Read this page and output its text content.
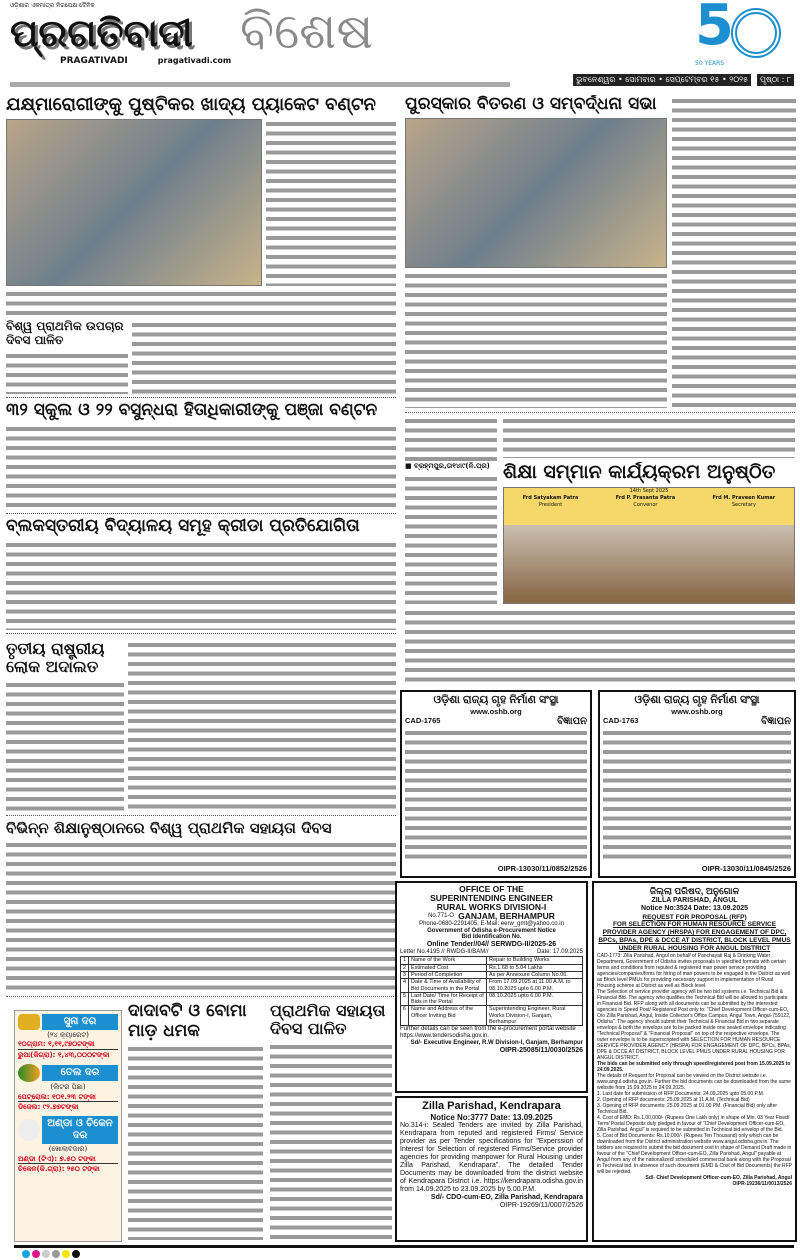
ଓଡ଼ିଶାର ଏକମାତ୍ର ନିରପେକ୍ଷ ଦୈନିକ
ପ୍ରଗତିବାଦୀ
PRAGATIVADI	pragativadi.com
ବିଶେଷ	5
50 YEARS
ଭୁବନେଶ୍ୱର • ସୋମବାର • ସେପ୍ଟେମ୍ବର ୧୫ • ୨୦୨୫	ପୃଷ୍ଠା : ୮
ଯକ୍ଷ୍ମାରୋଗୀଙ୍କୁ ପୁଷ୍ଟିକର ଖାଦ୍ୟ ପ୍ୟାକେଟ ବଣ୍ଟନ
ବିଶ୍ୱ ପ୍ରାଥମିକ ଉପଚାର ଦିବସ ପାଳିତ
ପୁରସ୍କାର ବିତରଣ ଓ ସମ୍ବର୍ଦ୍ଧନା ସଭା
୩୨ ସ୍କୁଲ ଓ ୨୨ ବସୁନ୍ଧରା ହିତାଧିକାରୀଙ୍କୁ ପଞ୍ଜା ବଣ୍ଟନ
ବ୍ଲକସ୍ତରୀୟ ବିଦ୍ୟାଳୟ ସମୂହ କ୍ରୀଡା ପ୍ରତିଯୋଗିତା
■ ବ୍ରହ୍ମପୁର,ତା୧୪ା୯(ନି.ପ୍ର) ଶିକ୍ଷା ସମ୍ମାନ କାର୍ଯ୍ୟକ୍ରମ ଅନୁଷ୍ଠିତ
14th Sept 2025
Frd Satyakam Patra
President
Frd P. Prasanta Patra
Convenor
Frd M. Praveen Kumar
Secretary
ତୃତୀୟ ରାଷ୍ଟ୍ରୀୟ ଲୋକ ଅଦାଲତ
ବିଭିନ୍ନ ଶିକ୍ଷାନୁଷ୍ଠାନରେ ବିଶ୍ୱ ପ୍ରାଥମିକ ସହାୟତା ଦିବସ
ସୁନା ଦର
(୨୪ କ୍ୟାରେଟ)
୧୦ଗ୍ରାମ: ୧,୧୧,୯୭୦ଟଙ୍କା
ରୁପା(କିଗ୍ରା): ୧,୪୩,୦୦୦ଟଙ୍କା
ତେଲ ଦର
(ଲିଟର ପିଛା)
ପେଟ୍ରୋଲ: ୧୦୧.୨୩ ଟଙ୍କା
ଡିଜେଲ: ୯୨.୭୭ଟଙ୍କା
ଅଣ୍ଡା ଓ ଚିକେନ ଦର
(ଖୋଲାବଜାର)
ଅଣ୍ଡା (ଟିଏ): ୭.୫୦ ଟଙ୍କା
ଚିକେନ(କି.ଗ୍ରା): ୨୫୦ ଟଙ୍କା
ଦାଦାବଟି ଓ ବୋମା ମାଡ଼ ଧମକ
ପ୍ରାଥମିକ ସହାୟତା ଦିବସ ପାଳିତ
ଓଡ଼ିଶା ରାଜ୍ୟ ଗୃହ ନିର୍ମାଣ ସଂସ୍ଥା
www.oshb.org
CAD-1765	ବିଜ୍ଞାପନ
OIPR-13030/11/0852/2526
ଓଡ଼ିଶା ରାଜ୍ୟ ଗୃହ ନିର୍ମାଣ ସଂସ୍ଥା
www.oshb.org
CAD-1763	ବିଜ୍ଞାପନ
OIPR-13030/11/0845/2526
OFFICE OF THE
SUPERINTENDING ENGINEER
RURAL WORKS DIVISION-I
No.771-O GANJAM, BERHAMPUR
Phone-0680-2291405, E-Mail: eerw_gmt@yahoo.co.in
Government of Odisha e-Procurement Notice
Bid Identification No.
Online Tender//04// SERWDG-II/2025-26
Letter No.4195 // RWDG-II/BAM//	Date: 17.09.2025
1	Name of the Work	Repair to Building Works
2	Estimated Cost	Rs.1.68 to 5.04 Lakhs
3	Period of Completion	As per Annexure Column No.06.
4	Date & Time of Availability of Bid Documents in the Portal	From 17.09.2025 at 11.00 A.M. to 08.10.2025 upto 6.00 P.M.
5	Last Date/ Time for Receipt of Bids in the Portal	08.10.2025 upto 6.00 P.M.
6	Name and Address of the Officer Inviting Bid	Superintending Engineer, Rural Works Division-I, Ganjam, Berhampur
Further details can be seen from the e-procurement portal website https://www.tendersodisha.gov.in.
Sd/- Executive Engineer, R.W Division-I, Ganjam, Berhampur
OIPR-25085/11/0030/2526
Zilla Parishad, Kendrapara
Notice No:3777 Date: 13.09.2025
No.314-i: Sealed Tenders are invited by Zilla Parishad, Kendrapara from reputed and registered Firms/ Service provider as per Tender specifications for "Experssion of Interest for Selection of registered Firms/Service provider agencies for providing manpower for Rural Housing under Zilla Parishad, Kendrapara". The detailed Tender Documents may be downloaded from the district website of Kendrapara District i.e. https://kendrapara.odisha.gov.in from 14.09.2025 to 23.09.2025 by 5.00.P.M.
Sd/- CDO-cum-EO, Zilla Parishad, Kendrapara
OIPR-19269/11/0007/2526
ଜିଲ୍ଲା ପରିଷଦ, ଅନୁଗୋଳ
ZILLA PARISHAD, ANGUL
Notice No:3524 Date: 13.09.2025
REQUEST FOR PROPOSAL (RFP)
FOR SELECTION FOR HUMAN RESOURCE SERVICE PROVIDER AGENCY (HRSPA) FOR ENGAGEMENT OF DPC, BPCs, BPAs, DPE & DCCE AT DISTRICT, BLOCK LEVEL PMUS UNDER RURAL HOUSING FOR ANGUL DISTRICT
CAD-1773: Zilla Parishad, Angul on behalf of Panchayati Raj & Drinking Water Department, Government of Odisha invites proposals in specified formats with certain terms and conditions from reputed & registered man power service providing agencies/companies/firms for hiring of man powers to be engaged in the District as well as Block level PMUs for providing necessary support in implementation of Rural Housing scheme at District as well as Block level.
The Selection of service provider agency will be two bid systems i.e. Technical Bid & Financial Bid. The agency who qualifies the Technical Bid will be allowed to participate in Financial Bid. RFP along with all documents can be submitted by the interested agencies in Speed Post/ Registered Post only to: "Chief Development Officer-cum-EO, O/o Zilla Parishad, Angul, Inside Collector's Office Campus, Angul Town, Angul-759122, Odisha". The agency should submit their Technical & Financial Bid in two separate envelops & both the envelops are to be packed inside one sealed envelope indicating "Technical Proposal" & "Financial Proposal" on top of the respective envelops. The outer envelope is to be superscripted with SELECTION FOR HUMAN RESOURCE SERVICE PROVIDER AGENCY (HRSPA) FOR ENGAGEMENT OF DPC, BPCs, BPAs, DPE & DCCE AT DISTRICT, BLOCK LEVEL PMUS UNDER RURAL HOUSING FOR ANGUL DISTRICT.
The bids can be submitted only through speed/registered post from 15.09.2025 to 24.09.2025.
The details of Request for Proposal can be viewed on the District website i.e. www.angul.odisha.gov.in. Further the bid documents can be downloaded from the same website from 15.09.2025 to 24.09.2025.
1. Last date for submission of RFP Documents: 24.09.2025 upto 05.00 P.M.
2. Opening of RFP documents: 25.09.2025 at 11 A.M. (Technical Bid)
3. Opening of RFP documents: 25.09.2025 at 01.00 PM. (Financial Bid) only after Technical Bid.
4. Cost of EMD: Rs.1,00,000/- (Rupees One Lakh only) in shape of Min. 03 Year Fixed/ Term/ Postal Deposits duly pledged in favour of "Chief Development Officer-cum-EO, Zilla Parishad, Angul" is required to be submitted in Technical bid envelop of the Bid.
5. Cost of Bid Documents: Rs.10,000/- (Rupees Ten Thousand) only which can be downloaded from the District administration website www.angul.odisha.gov.in. The bidders are required to submit the bid document cost in shape of Demand Draft made in favour of the "Chief Development Officer-cum-EO, Zilla Parishad, Angul" payable at Angul from any of the nationalized/ scheduled commercial bank along with the Proposal in Technical bid. In absence of such document (EMD & Cost of Bid Documents) the RFP will be rejected.
Sd/- Chief Development Officer-cum-EO, Zilla Parishad, Angul
OIPR-19236/11/0013/2526
